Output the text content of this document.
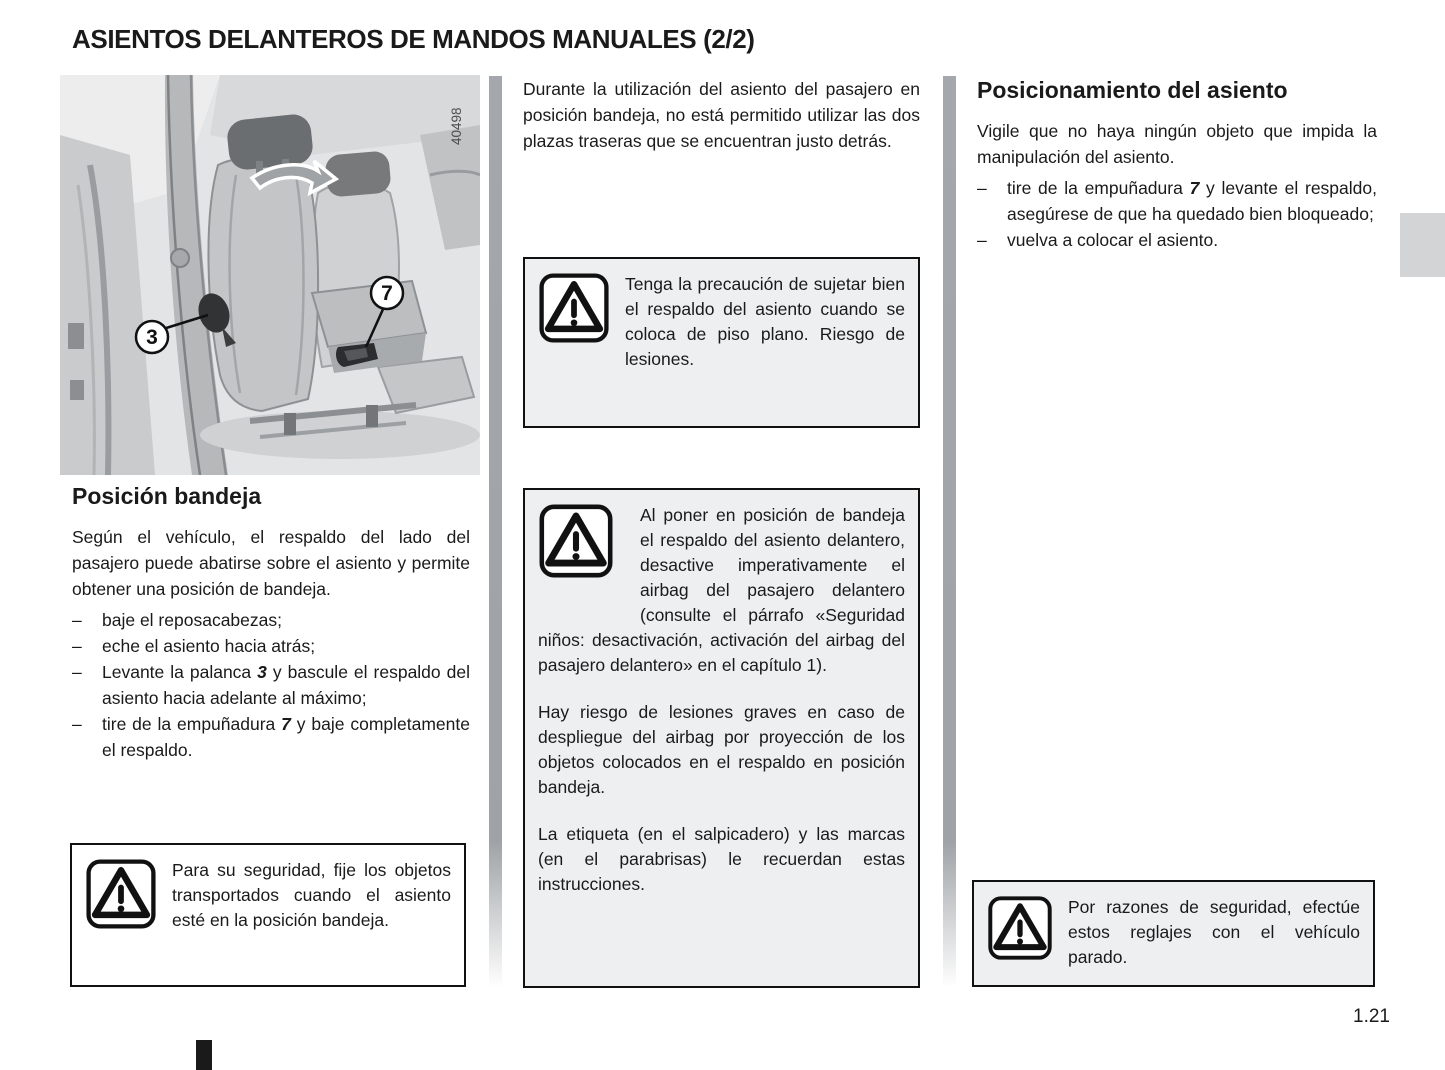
ASIENTOS DELANTEROS DE MANDOS MANUALES (2/2)
3
7
40498
Posición bandeja

Según el vehículo, el respaldo del lado del pasajero puede abatirse sobre el asiento y permite obtener una posición de bandeja.

–	baje el reposacabezas;
–	eche el asiento hacia atrás;
–	Levante la palanca 3 y bascule el respaldo del asiento hacia adelante al máximo;
–	tire de la empuñadura 7 y baje completamente el respaldo.
Para su seguridad, fije los objetos transportados cuando el asiento esté en la posición bandeja.

Durante la utilización del asiento del pasajero en posición bandeja, no está permitido utilizar las dos plazas traseras que se encuentran justo detrás.

Tenga la precaución de sujetar bien el respaldo del asiento cuando se coloca de piso plano. Riesgo de lesiones.

Al poner en posición de bandeja el respaldo del asiento delantero, desactive imperativamente el airbag del pasajero delantero (consulte el párrafo «Seguridad niños: desactivación, activación del airbag del pasajero delantero» en el capítulo 1).

Hay riesgo de lesiones graves en caso de despliegue del airbag por proyección de los objetos colocados en el respaldo en posición bandeja.

La etiqueta (en el salpicadero) y las marcas (en el parabrisas) le recuerdan estas instrucciones.

Posicionamiento del asiento

Vigile que no haya ningún objeto que impida la manipulación del asiento.

–	tire de la empuñadura 7 y levante el respaldo, asegúrese de que ha quedado bien bloqueado;
–	vuelva a colocar el asiento.
Por razones de seguridad, efectúe estos reglajes con el vehículo parado.
1.21
